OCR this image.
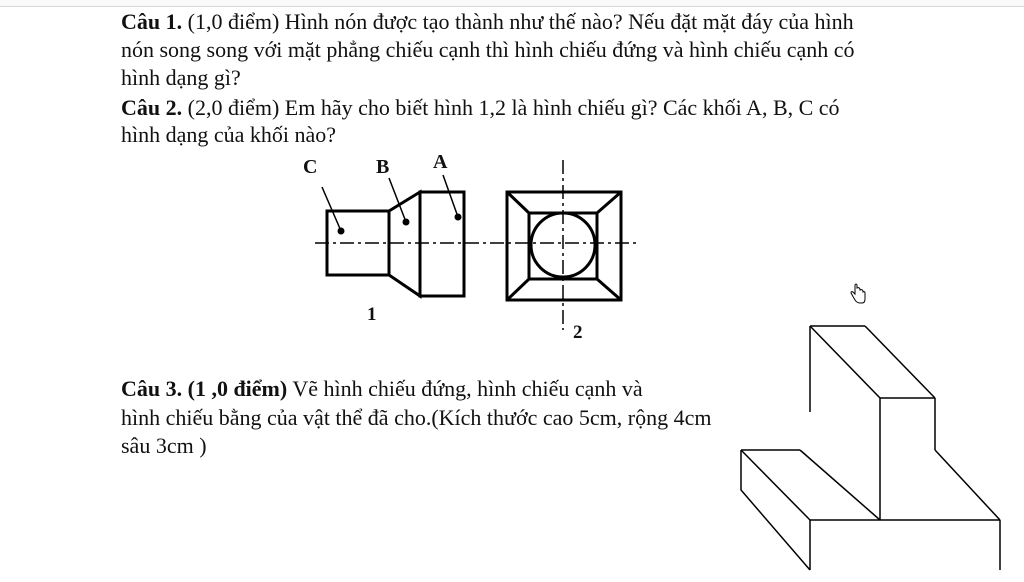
Câu 1. (1,0 điểm) Hình nón được tạo thành như thế nào? Nếu đặt mặt đáy của hình

nón song song với mặt phẳng chiếu cạnh thì hình chiếu đứng và hình chiếu cạnh có

hình dạng gì?

Câu 2. (2,0 điểm) Em hãy cho biết hình 1,2 là hình chiếu gì? Các khối A, B, C có

hình dạng của khối nào?

C	B A
1
2

Câu 3. (1 ,0 điểm) Vẽ hình chiếu đứng, hình chiếu cạnh và

hình chiếu bằng của vật thể đã cho.(Kích thước cao 5cm, rộng 4cm

sâu 3cm )
